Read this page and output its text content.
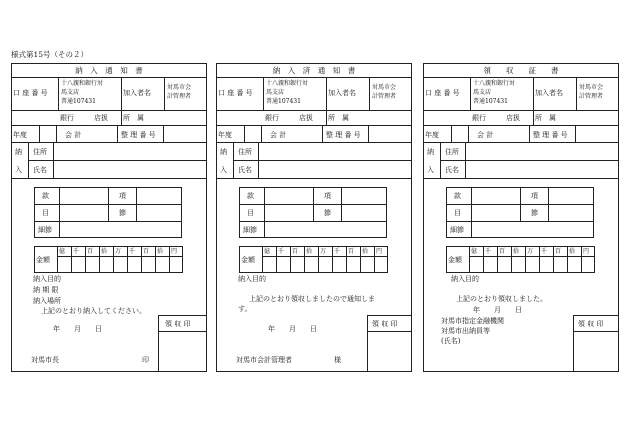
様式第15号（その２）
納　入　通　知　書
口 座 番 号
十八親和銀行対
馬支店
普通107431
加入者名
対馬市会
計管理者
銀行	店扱 所　属
年度	会 計	整 理 番 号
納
入
住所
氏名
款	項
目	節
細節
金額
億 千 百 拾 万 千 百 拾 円
納入目的
納 期 限
納入場所
上記のとおり納入してください。
領 収 印
年　　月　　日
対馬市長	印
納　入　済　通　知　書
口 座 番 号
十八親和銀行対
馬支店
普通107431
加入者名
対馬市会
計管理者
銀行	店扱 所　属
年度	会 計	整 理 番 号
納
入
住所
氏名
款	項
目	節
細節
金額
億 千 百 拾 万 千 百 拾 円
納入目的
上記のとおり領収しましたので通知しま
す。
領 収 印
年　　月　　日
対馬市会計管理者	様
領　　収　　証　　書
口 座 番 号
十八親和銀行対
馬支店
普通107431
加入者名
対馬市会
計管理者
銀行	店扱 所　属
年度	会 計	整 理 番 号
納
入
住所
氏名
款	項
目	節
細節
金額
億 千 百 拾 万 千 百 拾 円
納入目的
上記のとおり領収しました。
年　　月　　日
対馬市指定金融機関
対馬市出納員等
(氏名)
領 収 印
